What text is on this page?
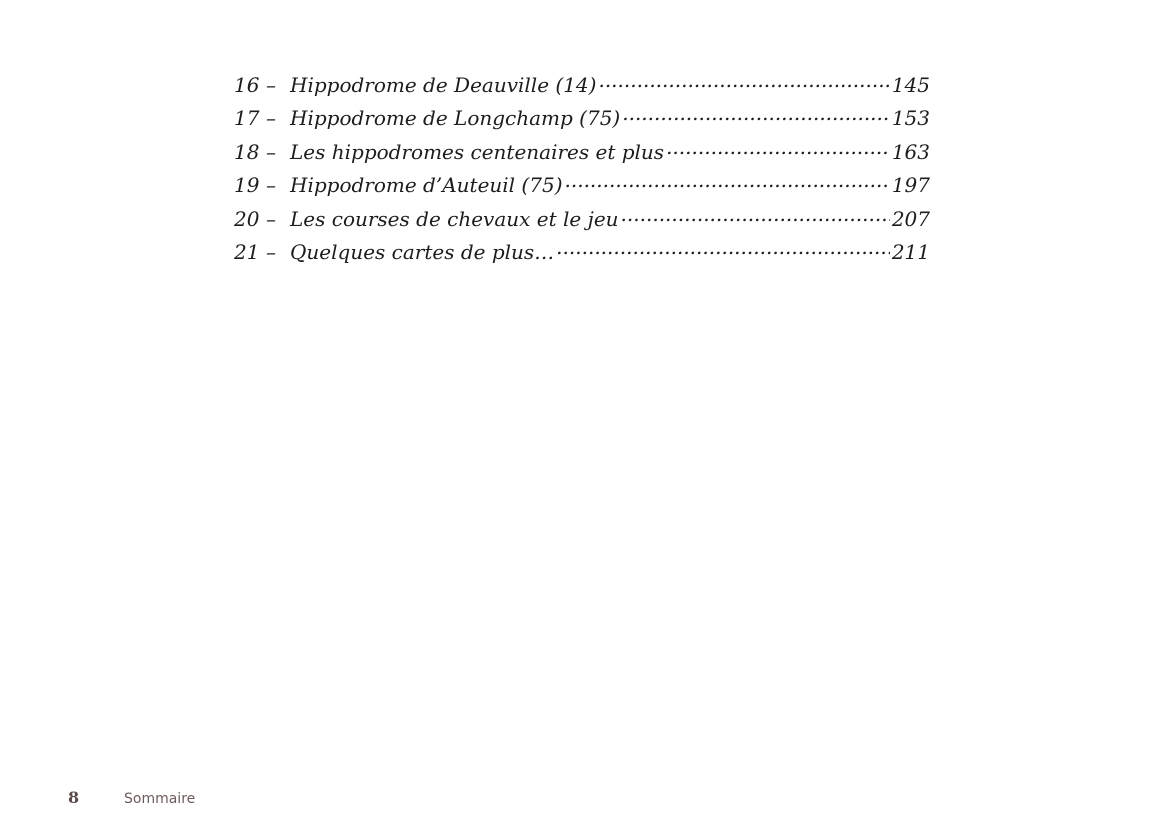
16 – Hippodrome de Deauville (14) .....	145
17 – Hippodrome de Longchamp (75) .....	153
18 – Les hippodromes centenaires et plus .....	163
19 – Hippodrome d’Auteuil (75) .....	197
20 – Les courses de chevaux et le jeu .....	207
21 – Quelques cartes de plus… .....	211
8	Sommaire
